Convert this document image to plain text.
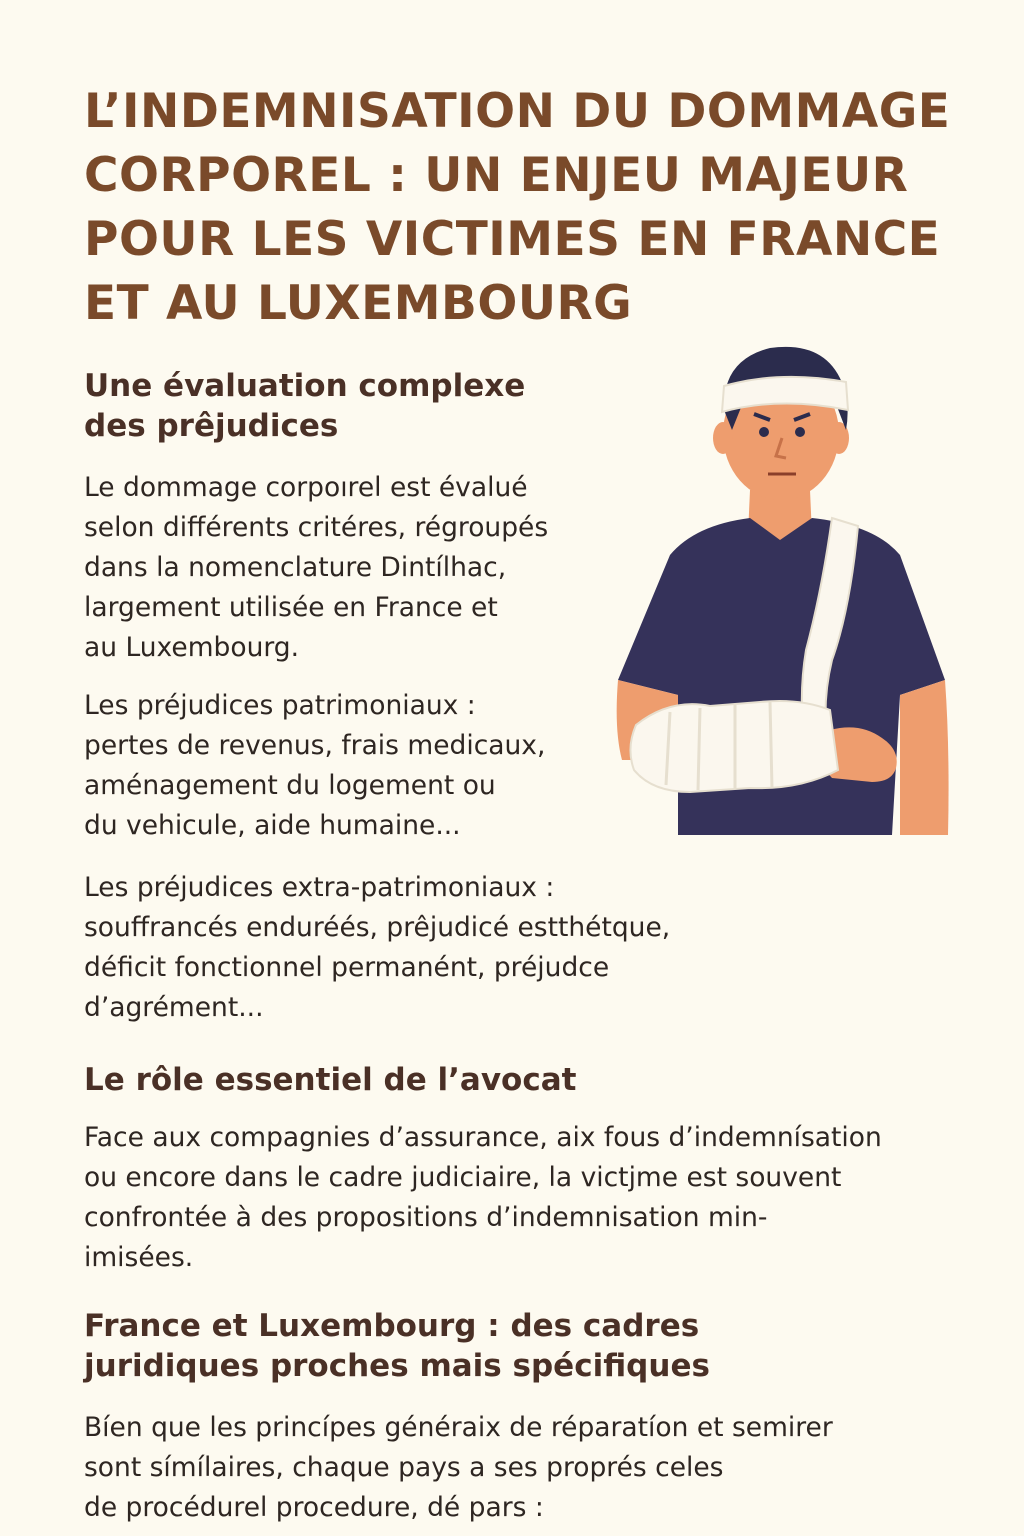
L’INDEMNISATION DU DOMMAGE
CORPOREL : UN ENJEU MAJEUR
POUR LES VICTIMES EN FRANCE
ET AU LUXEMBOURG
Une évaluation complexe
des prêjudices

Le dommage corpoırel est évalué
selon différents critéres, régroupés
dans la nomenclature Dintílhac,
largement utilisée en France et
au Luxembourg.

Les préjudices patrimoniaux :
pertes de revenus, frais medicaux,
aménagement du logement ou
du vehicule, aide humaine...

Les préjudices extra-patrimoniaux :
souffrancés enduréés, prêjudicé estthétque,
déficit fonctionnel permanént, préjudce
d’agrément...

Le rôle essentiel de l’avocat

Face aux compagnies d’assurance, aix fous d’indemnísation
ou encore dans le cadre judiciaire, la victjme est souvent
confrontée à des propositions d’indemnisation min-
imisées.

France et Luxembourg : des cadres
juridiques proches mais spécifiques

Bíen que les princípes généraix de réparatíon et semirer
sont símílaires, chaque pays a ses proprés celes
de procédurel procedure, dé pars :
